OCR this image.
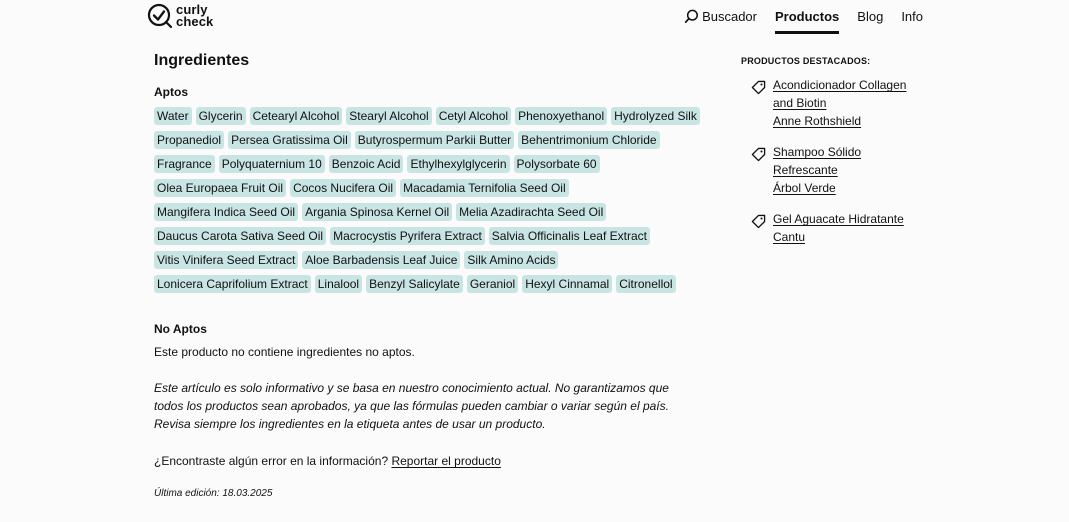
curly
check	Buscador Productos Blog Info
Ingredientes
Aptos
Water Glycerin Cetearyl Alcohol Stearyl Alcohol Cetyl Alcohol Phenoxyethanol Hydrolyzed Silk
Propanediol Persea Gratissima Oil Butyrospermum Parkii Butter Behentrimonium Chloride
Fragrance Polyquaternium 10 Benzoic Acid Ethylhexylglycerin Polysorbate 60
Olea Europaea Fruit Oil Cocos Nucifera Oil Macadamia Ternifolia Seed Oil
Mangifera Indica Seed Oil Argania Spinosa Kernel Oil Melia Azadirachta Seed Oil
Daucus Carota Sativa Seed Oil Macrocystis Pyrifera Extract Salvia Officinalis Leaf Extract
Vitis Vinifera Seed Extract Aloe Barbadensis Leaf Juice Silk Amino Acids
Lonicera Caprifolium Extract Linalool Benzyl Salicylate Geraniol Hexyl Cinnamal Citronellol
No Aptos

Este producto no contiene ingredientes no aptos.

Este artículo es solo informativo y se basa en nuestro conocimiento actual. No garantizamos que todos los productos sean aprobados, ya que las fórmulas pueden cambiar o variar según el país. Revisa siempre los ingredientes en la etiqueta antes de usar un producto.

¿Encontraste algún error en la información? Reportar el producto

Última edición: 18.03.2025

PRODUCTOS DESTACADOS:
Acondicionador Collagen
and Biotin
Anne Rothshield
Shampoo Sólido
Refrescante
Árbol Verde
Gel Aguacate Hidratante
Cantu
